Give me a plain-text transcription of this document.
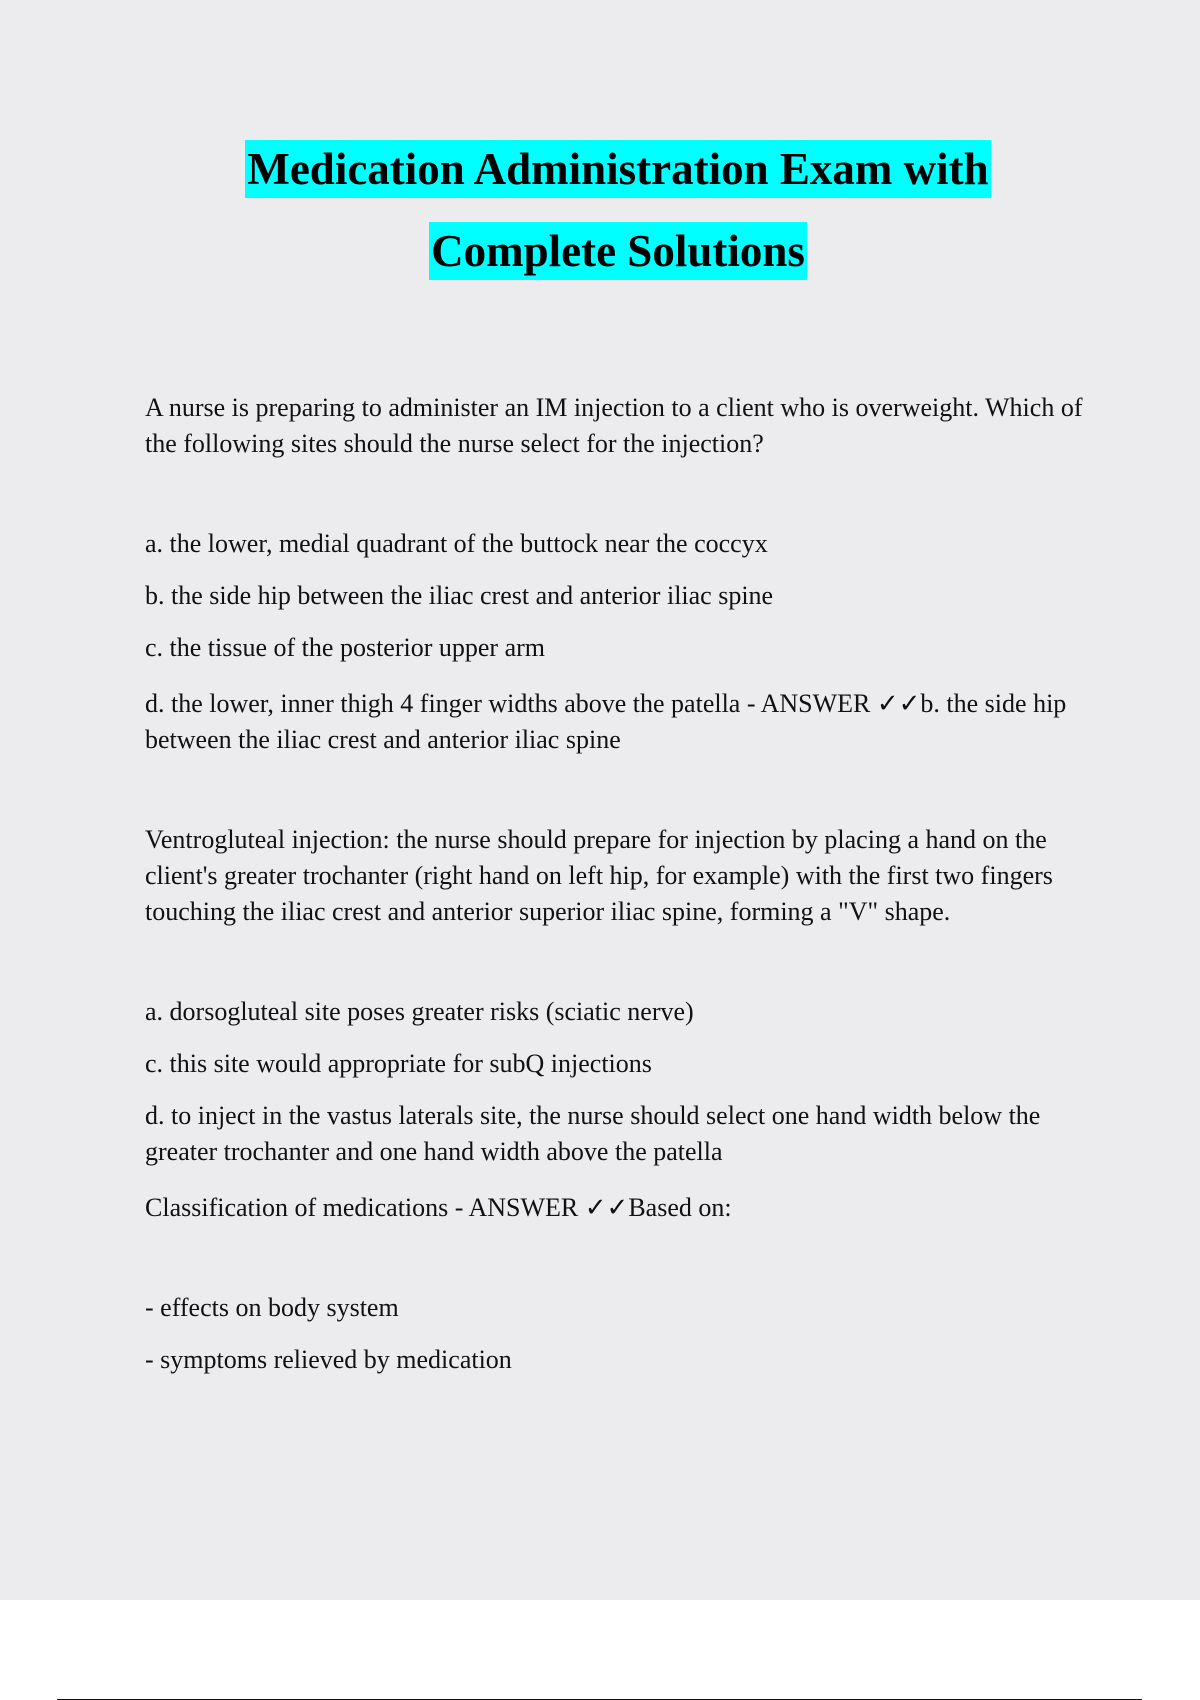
Medication Administration Exam with
Complete Solutions

A nurse is preparing to administer an IM injection to a client who is overweight. Which of the following sites should the nurse select for the injection?

a. the lower, medial quadrant of the buttock near the coccyx

b. the side hip between the iliac crest and anterior iliac spine

c. the tissue of the posterior upper arm

d. the lower, inner thigh 4 finger widths above the patella - ANSWER ✓✓b. the side hip between the iliac crest and anterior iliac spine

Ventrogluteal injection: the nurse should prepare for injection by placing a hand on the client's greater trochanter (right hand on left hip, for example) with the first two fingers touching the iliac crest and anterior superior iliac spine, forming a "V" shape.

a. dorsogluteal site poses greater risks (sciatic nerve)

c. this site would appropriate for subQ injections

d. to inject in the vastus laterals site, the nurse should select one hand width below the greater trochanter and one hand width above the patella

Classification of medications - ANSWER ✓✓Based on:

- effects on body system

- symptoms relieved by medication
